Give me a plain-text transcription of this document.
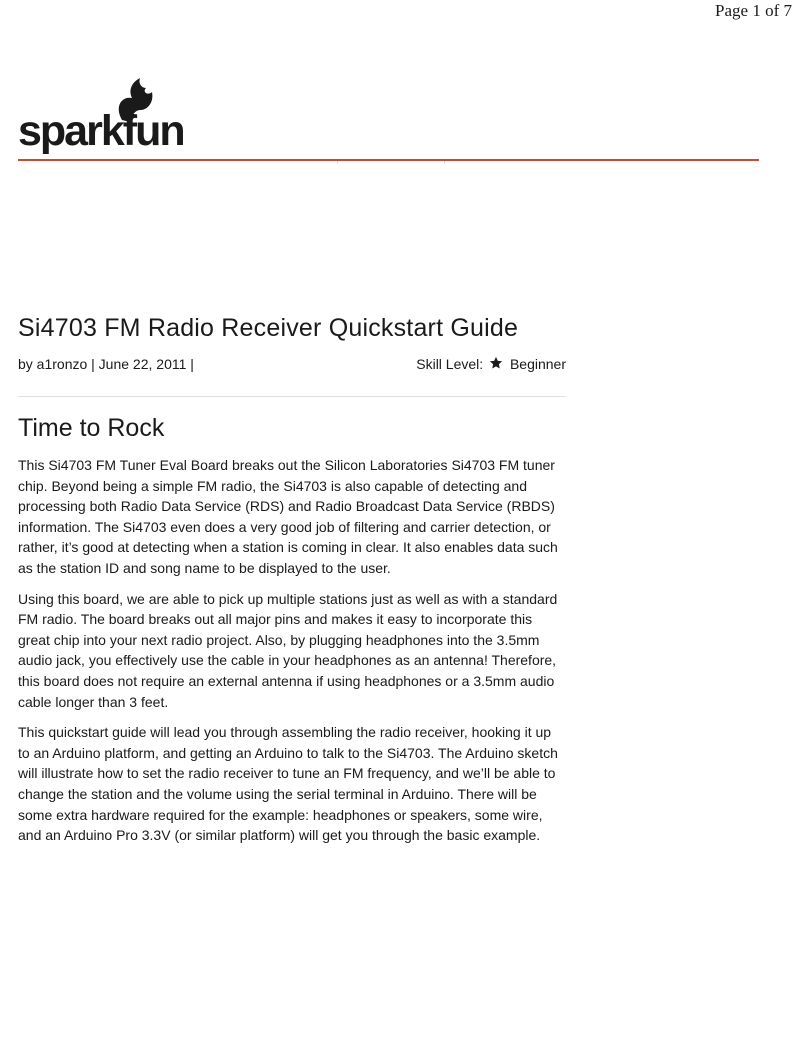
Page 1 of 7
sparkfun
Si4703 FM Radio Receiver Quickstart Guide
by a1ronzo | June 22, 2011 |	Skill Level: Beginner
Time to Rock

This Si4703 FM Tuner Eval Board breaks out the Silicon Laboratories Si4703 FM tuner chip. Beyond being a simple FM radio, the Si4703 is also capable of detecting and processing both Radio Data Service (RDS) and Radio Broadcast Data Service (RBDS) information. The Si4703 even does a very good job of filtering and carrier detection, or rather, it’s good at detecting when a station is coming in clear. It also enables data such as the station ID and song name to be displayed to the user.

Using this board, we are able to pick up multiple stations just as well as with a standard FM radio. The board breaks out all major pins and makes it easy to incorporate this great chip into your next radio project. Also, by plugging headphones into the 3.5mm audio jack, you effectively use the cable in your headphones as an antenna! Therefore, this board does not require an external antenna if using headphones or a 3.5mm audio cable longer than 3 feet.

This quickstart guide will lead you through assembling the radio receiver, hooking it up to an Arduino platform, and getting an Arduino to talk to the Si4703. The Arduino sketch will illustrate how to set the radio receiver to tune an FM frequency, and we’ll be able to change the station and the volume using the serial terminal in Arduino. There will be some extra hardware required for the example: headphones or speakers, some wire, and an Arduino Pro 3.3V (or similar platform) will get you through the basic example.
